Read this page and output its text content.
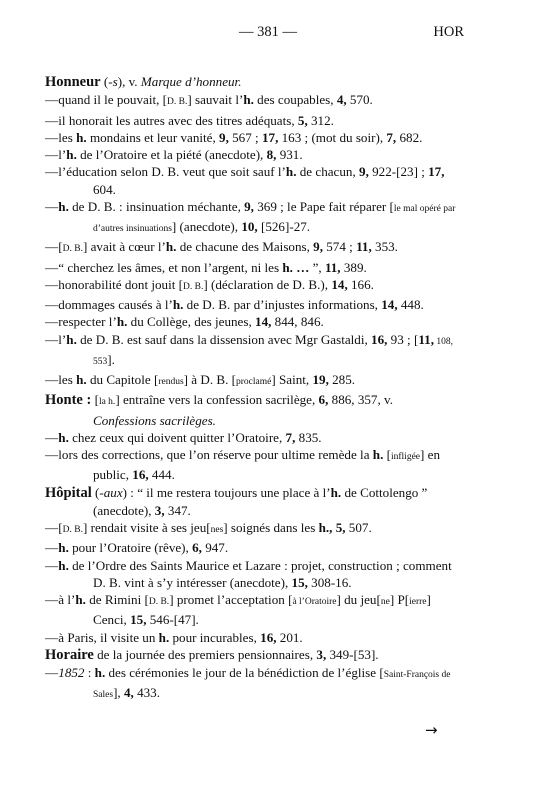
— 381 —	HOR

Honneur (-s), v. Marque d’honneur.

— quand il le pouvait, [D. B.] sauvait l’h. des coupables, 4, 570.

— il honorait les autres avec des titres adéquats, 5, 312.

— les h. mondains et leur vanité, 9, 567 ; 17, 163 ; (mot du soir), 7, 682.

— l’h. de l’Oratoire et la piété (anecdote), 8, 931.

— l’éducation selon D. B. veut que soit sauf l’h. de chacun, 9, 922-[23] ; 17, 604.

— h. de D. B. : insinuation méchante, 9, 369 ; le Pape fait réparer [le mal opéré par d’autres insinuations] (anecdote), 10, [526]-27.

— [D. B.] avait à cœur l’h. de chacune des Maisons, 9, 574 ; 11, 353.

— “ cherchez les âmes, et non l’argent, ni les h. … ”, 11, 389.

— honorabilité dont jouit [D. B.] (déclaration de D. B.), 14, 166.

— dommages causés à l’h. de D. B. par d’injustes informations, 14, 448.

— respecter l’h. du Collège, des jeunes, 14, 844, 846.

— l’h. de D. B. est sauf dans la dissension avec Mgr Gastaldi, 16, 93 ; [11, 108, 553].

— les h. du Capitole [rendus] à D. B. [proclamé] Saint, 19, 285.

Honte : [la h.] entraîne vers la confession sacrilège, 6, 886, 357, v. Confessions sacrilèges.

— h. chez ceux qui doivent quitter l’Oratoire, 7, 835.

— lors des corrections, que l’on réserve pour ultime remède la h. [infligée] en public, 16, 444.

Hôpital (-aux) : “ il me restera toujours une place à l’h. de Cottolengo ” (anecdote), 3, 347.

— [D. B.] rendait visite à ses jeu[nes] soignés dans les h., 5, 507.

— h. pour l’Oratoire (rêve), 6, 947.

— h. de l’Ordre des Saints Maurice et Lazare : projet, construction ; comment D. B. vint à s’y intéresser (anecdote), 15, 308-16.

— à l’h. de Rimini [D. B.] promet l’acceptation [à l’Oratoire] du jeu[ne] P[ierre] Cenci, 15, 546-[47].

— à Paris, il visite un h. pour incurables, 16, 201.

Horaire de la journée des premiers pensionnaires, 3, 349-[53].

— 1852 : h. des cérémonies le jour de la bénédiction de l’église [Saint-François de Sales], 4, 433.

→
